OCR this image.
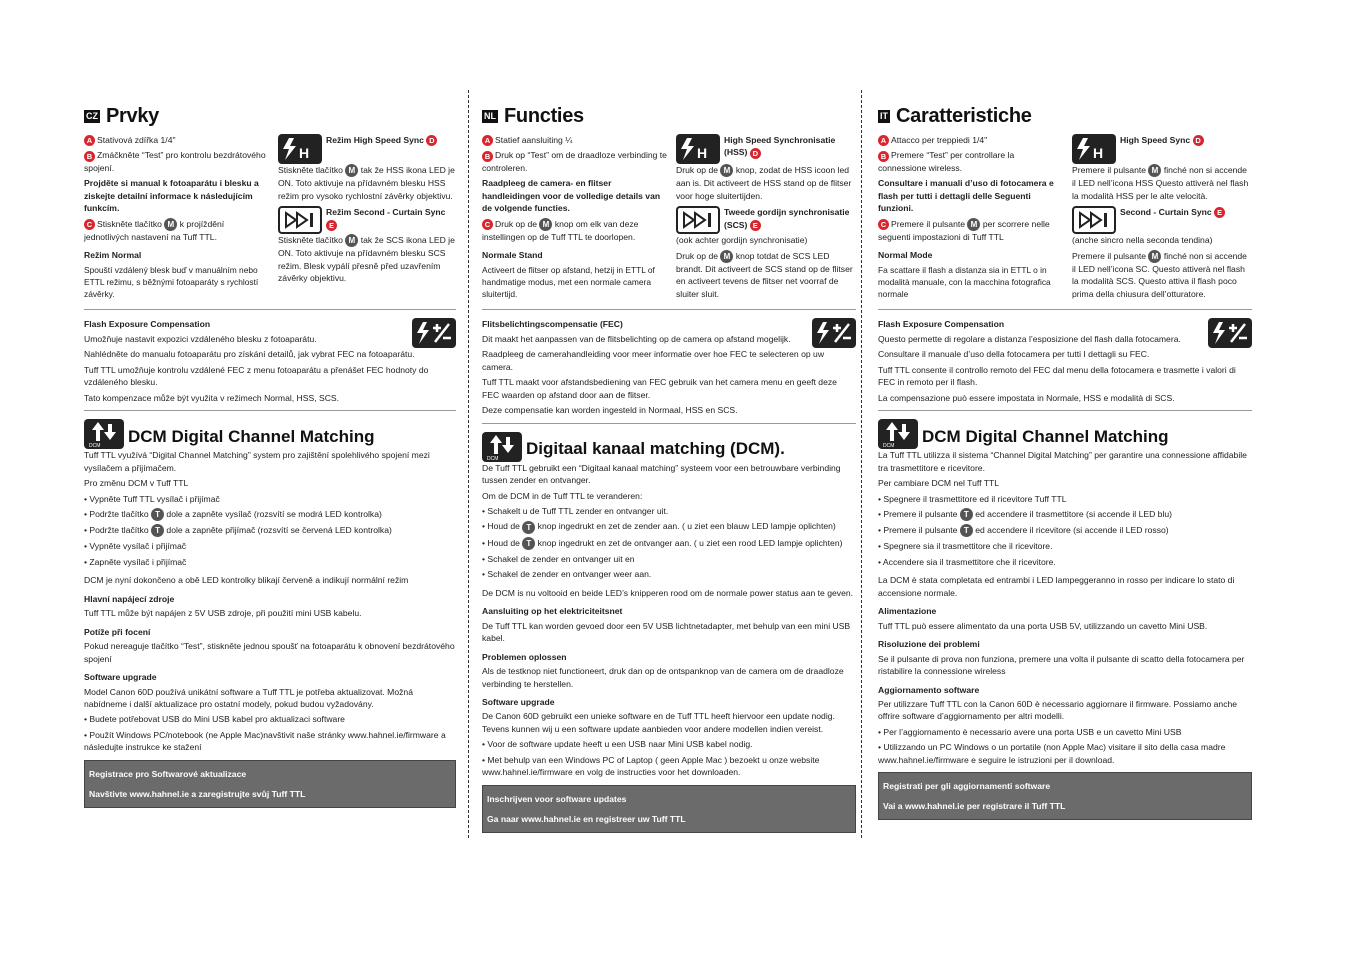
CZ Prvky

A Stativová zdířka 1/4"

B Zmáčkněte “Test” pro kontrolu bezdrátového spojení.

Projděte si manual k fotoaparátu i blesku a ziskejte detailní informace k následujícím funkcím.

C Stiskněte tlačítko M k projíždění jednotlivých nastavení na Tuff TTL.

Režim Normal

Spouští vzdálený blesk buď v manuálním nebo ETTL režimu, s běžnými fotoaparáty s rychlostí závěrky.

H
Režim High Speed Sync D

Stiskněte tlačítko M tak že HSS ikona LED je ON. Toto aktivuje na přídavném blesku HSS režim pro vysoko rychlostní závěrky objektivu.

Režim Second - Curtain Sync E

Stiskněte tlačítko M tak že SCS ikona LED je ON. Toto aktivuje na přídavném blesku SCS režim. Blesk vypálí přesně před uzavřením závěrky objektivu.

Flash Exposure Compensation

Umožňuje nastavit expozici vzdáleného blesku z fotoaparátu.

Nahlédněte do manualu fotoaparátu pro získání detailů, jak vybrat FEC na fotoaparátu.

Tuff TTL umožňuje kontrolu vzdálené FEC z menu fotoaparátu a přenášet FEC hodnoty do vzdáleného blesku.

Tato kompenzace může být využita v režimech Normal, HSS, SCS.

DCM
DCM Digital Channel Matching

Tuff TTL využívá “Digital Channel Matching” system pro zajištění spolehlivého spojení mezi vysílačem a přijímačem.

Pro změnu DCM v Tuff TTL

• Vypněte Tuff TTL vysílač i přijímač

• Podržte tlačítko T dole a zapněte vysílač (rozsvítí se modrá LED kontrolka)

• Podržte tlačítko T dole a zapněte přijímač (rozsvítí se červená LED kontrolka)

• Vypněte vysílač i přijímač

• Zapněte vysílač i přijímač

DCM je nyní dokončeno a obě LED kontrolky blikají červeně a indikují normální režim

Hlavní napájecí zdroje

Tuff TTL může být napájen z 5V USB zdroje, při použití mini USB kabelu.

Potíže při focení

Pokud nereaguje tlačítko “Test”, stiskněte jednou spoušť na fotoaparátu k obnovení bezdrátového spojení

Software upgrade

Model Canon 60D používá unikátní software a Tuff TTL je potřeba aktualizovat. Možná nabídneme i další aktualizace pro ostatní modely, pokud budou vyžadovány.

• Budete potřebovat USB do Mini USB kabel pro aktualizaci software

• Použít Windows PC/notebook (ne Apple Mac)navštivit naše stránky www.hahnel.ie/firmware a následujte instrukce ke stažení

Registrace pro Softwarové aktualizace
Navštivte www.hahnel.ie a zaregistrujte svůj Tuff TTL
NL Functies

A Statief aansluiting ¼

B Druk op “Test” om de draadloze verbinding te controleren.

Raadpleeg de camera- en flitser handleidingen voor de volledige details van de volgende functies.

C Druk op de M knop om elk van deze instellingen op de Tuff TTL te doorlopen.

Normale Stand

Activeert de flitser op afstand, hetzij in ETTL of handmatige modus, met een normale camera sluitertijd.

H
High Speed Synchronisatie (HSS) D

Druk op de M knop, zodat de HSS icoon led aan is. Dit activeert de HSS stand op de flitser voor hoge sluitertijden.

Tweede gordijn synchronisatie (SCS) E

(ook achter gordijn synchronisatie)

Druk op de M knop totdat de SCS LED brandt. Dit activeert de SCS stand op de flitser en activeert tevens de flitser net voorraf de sluiter sluit.

Flitsbelichtingscompensatie (FEC)

Dit maakt het aanpassen van de flitsbelichting op de camera op afstand mogelijk.

Raadpleeg de camerahandleiding voor meer informatie over hoe FEC te selecteren op uw camera.

Tuff TTL maakt voor afstandsbediening van FEC gebruik van het camera menu en geeft deze FEC waarden op afstand door aan de flitser.

Deze compensatie kan worden ingesteld in Normaal, HSS en SCS.

DCM
Digitaal kanaal matching (DCM).

De Tuff TTL gebruikt een “Digitaal kanaal matching” systeem voor een betrouwbare verbinding tussen zender en ontvanger.

Om de DCM in de Tuff TTL te veranderen:

• Schakelt u de Tuff TTL zender en ontvanger uit.

• Houd de T knop ingedrukt en zet de zender aan. ( u ziet een blauw LED lampje oplichten)

• Houd de T knop ingedrukt en zet de ontvanger aan. ( u ziet een rood LED lampje oplichten)

• Schakel de zender en ontvanger uit en

• Schakel de zender en ontvanger weer aan.

De DCM is nu voltooid en beide LED’s knipperen rood om de normale power status aan te geven.

Aansluiting op het elektriciteitsnet

De Tuff TTL kan worden gevoed door een 5V USB lichtnetadapter, met behulp van een mini USB kabel.

Problemen oplossen

Als de testknop niet functioneert, druk dan op de ontspanknop van de camera om de draadloze verbinding te herstellen.

Software upgrade

De Canon 60D gebruikt een unieke software en de Tuff TTL heeft hiervoor een update nodig. Tevens kunnen wij u een software update aanbieden voor andere modellen indien vereist.

• Voor de software update heeft u een USB naar Mini USB kabel nodig.

• Met behulp van een Windows PC of Laptop ( geen Apple Mac ) bezoekt u onze website www.hahnel.ie/firmware en volg de instructies voor het downloaden.

Inschrijven voor software updates
Ga naar www.hahnel.ie en registreer uw Tuff TTL
IT Caratteristiche

A Attacco per treppiedi 1/4"

B Premere “Test” per controllare la connessione wireless.

Consultare i manuali d’uso di fotocamera e flash per tutti i dettagli delle Seguenti funzioni.

C Premere il pulsante M per scorrere nelle seguenti impostazioni di Tuff TTL

Normal Mode

Fa scattare il flash a distanza sia in ETTL o in modalità manuale, con la macchina fotografica normale

H
High Speed Sync D

Premere il pulsante M finché non si accende il LED nell’icona HSS Questo attiverà nel flash la modalità HSS per le alte velocità.

Second - Curtain Sync E

(anche sincro nella seconda tendina)

Premere il pulsante M finché non si accende il LED nell’icona SC. Questo attiverà nel flash la modalità SCS. Questo attiva il flash poco prima della chiusura dell’otturatore.

Flash Exposure Compensation

Questo permette di regolare a distanza l’esposizione del flash dalla fotocamera.

Consultare il manuale d’uso della fotocamera per tutti I dettagli su FEC.

Tuff TTL consente il controllo remoto del FEC dal menu della fotocamera e trasmette i valori di FEC in remoto per il flash.

La compensazione può essere impostata in Normale, HSS e modalità di SCS.

DCM
DCM Digital Channel Matching

La Tuff TTL utilizza il sistema “Channel Digital Matching” per garantire una connessione affidabile tra trasmettitore e ricevitore.

Per cambiare DCM nel Tuff TTL

• Spegnere il trasmettitore ed il ricevitore Tuff TTL

• Premere il pulsante T ed accendere il trasmettitore (si accende il LED blu)

• Premere il pulsante T ed accendere il ricevitore (si accende il LED rosso)

• Spegnere sia il trasmettitore che il ricevitore.

• Accendere sia il trasmettitore che il ricevitore.

La DCM è stata completata ed entrambi i LED lampeggeranno in rosso per indicare lo stato di accensione normale.

Alimentazione

Tuff TTL può essere alimentato da una porta USB 5V, utilizzando un cavetto Mini USB.

Risoluzione dei problemi

Se il pulsante di prova non funziona, premere una volta il pulsante di scatto della fotocamera per ristabilire la connessione wireless

Aggiornamento software

Per utilizzare Tuff TTL con la Canon 60D è necessario aggiornare il firmware. Possiamo anche offrire software d’aggiornamento per altri modelli.

• Per l’aggiornamento è necessario avere una porta USB e un cavetto Mini USB

• Utilizzando un PC Windows o un portatile (non Apple Mac) visitare il sito della casa madre www.hahnel.ie/firmware e seguire le istruzioni per il download.

Registrati per gli aggiornamenti software
Vai a www.hahnel.ie per registrare il Tuff TTL
